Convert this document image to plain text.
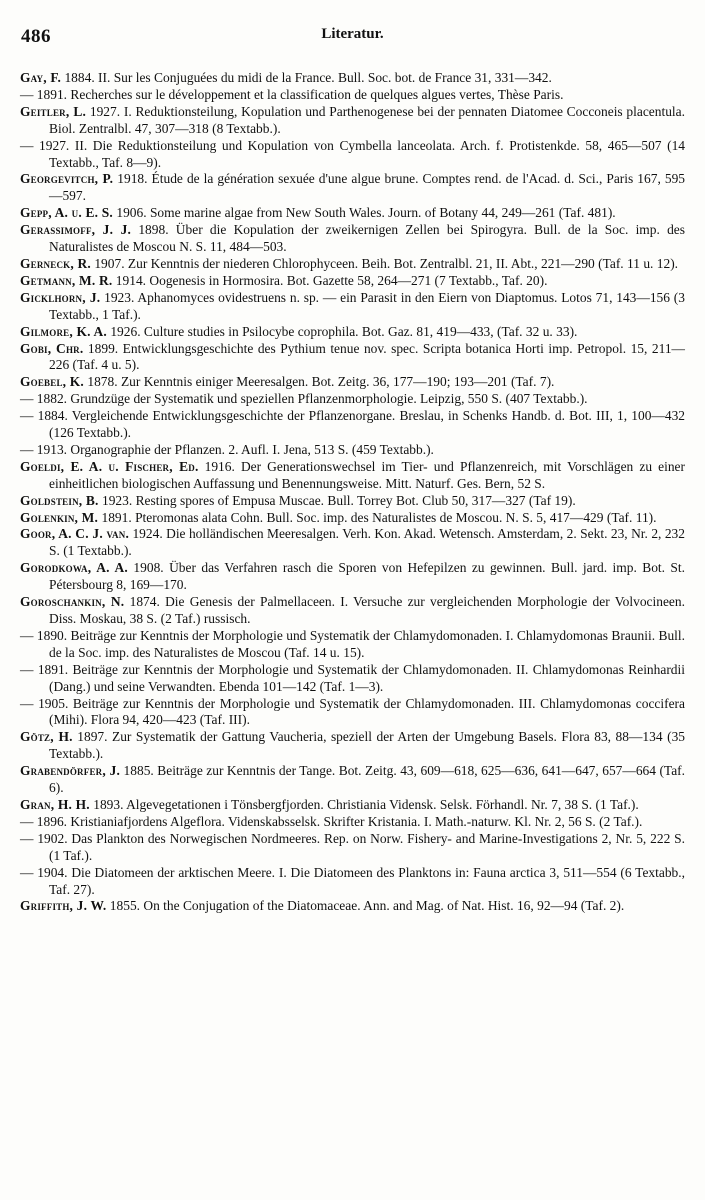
486	Literatur.

Gay, F. 1884. II. Sur les Conjuguées du midi de la France. Bull. Soc. bot. de France 31, 331—342.

— 1891. Recherches sur le développement et la classification de quelques algues vertes, Thèse Paris.

Geitler, L. 1927. I. Reduktionsteilung, Kopulation und Parthenogenese bei der pennaten Diatomee Cocconeis placentula. Biol. Zentralbl. 47, 307—318 (8 Textabb.).

— 1927. II. Die Reduktionsteilung und Kopulation von Cymbella lanceolata. Arch. f. Protistenkde. 58, 465—507 (14 Textabb., Taf. 8—9).

Georgevitch, P. 1918. Étude de la génération sexuée d'une algue brune. Comptes rend. de l'Acad. d. Sci., Paris 167, 595—597.

Gepp, A. u. E. S. 1906. Some marine algae from New South Wales. Journ. of Botany 44, 249—261 (Taf. 481).

Gerassimoff, J. J. 1898. Über die Kopulation der zweikernigen Zellen bei Spirogyra. Bull. de la Soc. imp. des Naturalistes de Moscou N. S. 11, 484—503.

Gerneck, R. 1907. Zur Kenntnis der niederen Chlorophyceen. Beih. Bot. Zentralbl. 21, II. Abt., 221—290 (Taf. 11 u. 12).

Getmann, M. R. 1914. Oogenesis in Hormosira. Bot. Gazette 58, 264—271 (7 Textabb., Taf. 20).

Gicklhorn, J. 1923. Aphanomyces ovidestruens n. sp. — ein Parasit in den Eiern von Diaptomus. Lotos 71, 143—156 (3 Textabb., 1 Taf.).

Gilmore, K. A. 1926. Culture studies in Psilocybe coprophila. Bot. Gaz. 81, 419—433, (Taf. 32 u. 33).

Gobi, Chr. 1899. Entwicklungsgeschichte des Pythium tenue nov. spec. Scripta botanica Horti imp. Petropol. 15, 211—226 (Taf. 4 u. 5).

Goebel, K. 1878. Zur Kenntnis einiger Meeresalgen. Bot. Zeitg. 36, 177—190; 193—201 (Taf. 7).

— 1882. Grundzüge der Systematik und speziellen Pflanzenmorphologie. Leipzig, 550 S. (407 Textabb.).

— 1884. Vergleichende Entwicklungsgeschichte der Pflanzenorgane. Breslau, in Schenks Handb. d. Bot. III, 1, 100—432 (126 Textabb.).

— 1913. Organographie der Pflanzen. 2. Aufl. I. Jena, 513 S. (459 Textabb.).

Goeldi, E. A. u. Fischer, Ed. 1916. Der Generationswechsel im Tier- und Pflanzenreich, mit Vorschlägen zu einer einheitlichen biologischen Auffassung und Benennungsweise. Mitt. Naturf. Ges. Bern, 52 S.

Goldstein, B. 1923. Resting spores of Empusa Muscae. Bull. Torrey Bot. Club 50, 317—327 (Taf 19).

Golenkin, M. 1891. Pteromonas alata Cohn. Bull. Soc. imp. des Naturalistes de Moscou. N. S. 5, 417—429 (Taf. 11).

Goor, A. C. J. van. 1924. Die holländischen Meeresalgen. Verh. Kon. Akad. Wetensch. Amsterdam, 2. Sekt. 23, Nr. 2, 232 S. (1 Textabb.).

Gorodkowa, A. A. 1908. Über das Verfahren rasch die Sporen von Hefepilzen zu gewinnen. Bull. jard. imp. Bot. St. Pétersbourg 8, 169—170.

Goroschankin, N. 1874. Die Genesis der Palmellaceen. I. Versuche zur vergleichenden Morphologie der Volvocineen. Diss. Moskau, 38 S. (2 Taf.) russisch.

— 1890. Beiträge zur Kenntnis der Morphologie und Systematik der Chlamydomonaden. I. Chlamydomonas Braunii. Bull. de la Soc. imp. des Naturalistes de Moscou (Taf. 14 u. 15).

— 1891. Beiträge zur Kenntnis der Morphologie und Systematik der Chlamydomonaden. II. Chlamydomonas Reinhardii (Dang.) und seine Verwandten. Ebenda 101—142 (Taf. 1—3).

— 1905. Beiträge zur Kenntnis der Morphologie und Systematik der Chlamydomonaden. III. Chlamydomonas coccifera (Mihi). Flora 94, 420—423 (Taf. III).

Götz, H. 1897. Zur Systematik der Gattung Vaucheria, speziell der Arten der Umgebung Basels. Flora 83, 88—134 (35 Textabb.).

Grabendörfer, J. 1885. Beiträge zur Kenntnis der Tange. Bot. Zeitg. 43, 609—618, 625—636, 641—647, 657—664 (Taf. 6).

Gran, H. H. 1893. Algevegetationen i Tönsbergfjorden. Christiania Vidensk. Selsk. Förhandl. Nr. 7, 38 S. (1 Taf.).

— 1896. Kristianiafjordens Algeflora. Videnskabsselsk. Skrifter Kristania. I. Math.-naturw. Kl. Nr. 2, 56 S. (2 Taf.).

— 1902. Das Plankton des Norwegischen Nordmeeres. Rep. on Norw. Fishery- and Marine-Investigations 2, Nr. 5, 222 S. (1 Taf.).

— 1904. Die Diatomeen der arktischen Meere. I. Die Diatomeen des Planktons in: Fauna arctica 3, 511—554 (6 Textabb., Taf. 27).

Griffith, J. W. 1855. On the Conjugation of the Diatomaceae. Ann. and Mag. of Nat. Hist. 16, 92—94 (Taf. 2).
